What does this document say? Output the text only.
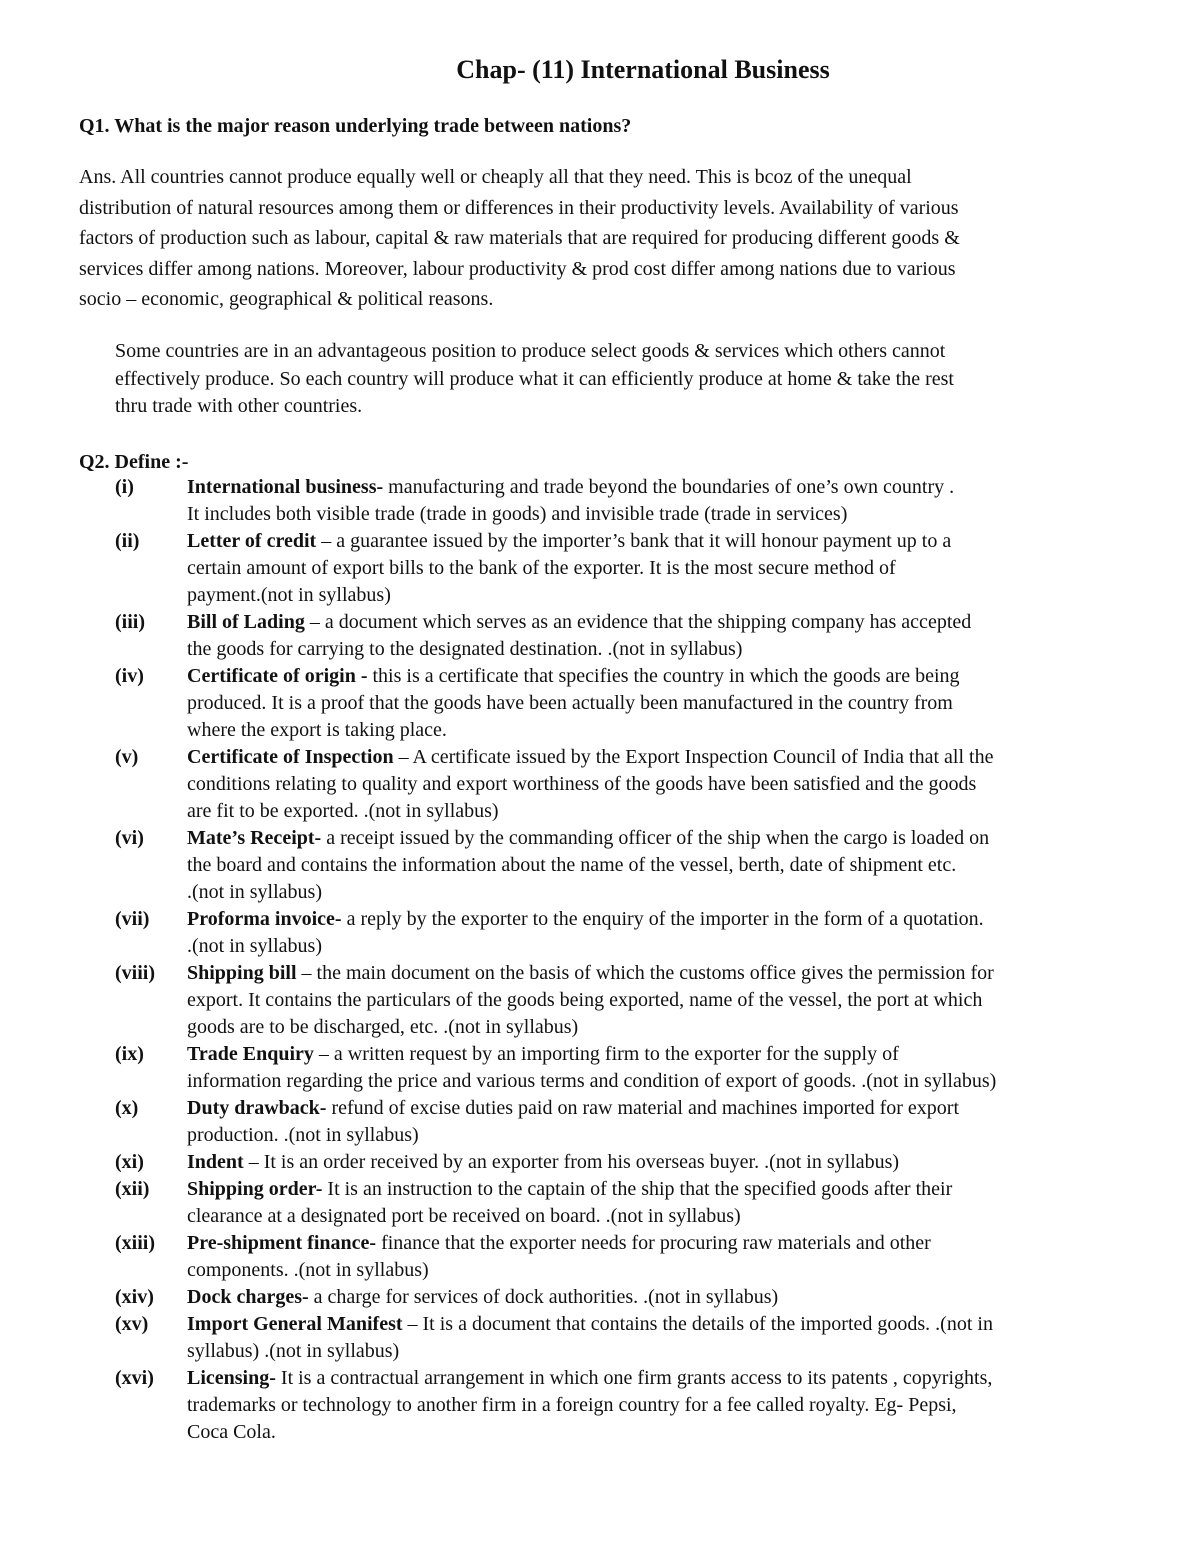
Chap- (11) International Business

Q1. What is the major reason underlying trade between nations?

Ans. All countries cannot produce equally well or cheaply all that they need. This is bcoz of the unequal
distribution of natural resources among them or differences in their productivity levels. Availability of various
factors of production such as labour, capital & raw materials that are required for producing different goods &
services differ among nations. Moreover, labour productivity & prod cost differ among nations due to various
socio – economic, geographical & political reasons.

Some countries are in an advantageous position to produce select goods & services which others cannot
effectively produce. So each country will produce what it can efficiently produce at home & take the rest
thru trade with other countries.

Q2. Define :-

(i)	International business- manufacturing and trade beyond the boundaries of one’s own country .
It includes both visible trade (trade in goods) and invisible trade (trade in services)
(ii) Letter of credit – a guarantee issued by the importer’s bank that it will honour payment up to a
certain amount of export bills to the bank of the exporter. It is the most secure method of
payment.(not in syllabus)
(iii) Bill of Lading – a document which serves as an evidence that the shipping company has accepted
the goods for carrying to the designated destination. .(not in syllabus)
(iv) Certificate of origin - this is a certificate that specifies the country in which the goods are being
produced. It is a proof that the goods have been actually been manufactured in the country from
where the export is taking place.
(v) Certificate of Inspection – A certificate issued by the Export Inspection Council of India that all the
conditions relating to quality and export worthiness of the goods have been satisfied and the goods
are fit to be exported. .(not in syllabus)
(vi) Mate’s Receipt- a receipt issued by the commanding officer of the ship when the cargo is loaded on
the board and contains the information about the name of the vessel, berth, date of shipment etc.
.(not in syllabus)
(vii) Proforma invoice- a reply by the exporter to the enquiry of the importer in the form of a quotation.
.(not in syllabus)
(viii) Shipping bill – the main document on the basis of which the customs office gives the permission for
export. It contains the particulars of the goods being exported, name of the vessel, the port at which
goods are to be discharged, etc. .(not in syllabus)
(ix) Trade Enquiry – a written request by an importing firm to the exporter for the supply of
information regarding the price and various terms and condition of export of goods. .(not in syllabus)
(x) Duty drawback- refund of excise duties paid on raw material and machines imported for export
production. .(not in syllabus)
(xi) Indent – It is an order received by an exporter from his overseas buyer. .(not in syllabus)
(xii) Shipping order- It is an instruction to the captain of the ship that the specified goods after their
clearance at a designated port be received on board. .(not in syllabus)
(xiii) Pre-shipment finance- finance that the exporter needs for procuring raw materials and other
components. .(not in syllabus)
(xiv) Dock charges- a charge for services of dock authorities. .(not in syllabus)
(xv) Import General Manifest – It is a document that contains the details of the imported goods. .(not in
syllabus) .(not in syllabus)
(xvi) Licensing- It is a contractual arrangement in which one firm grants access to its patents , copyrights,
trademarks or technology to another firm in a foreign country for a fee called royalty. Eg- Pepsi,
Coca Cola.
